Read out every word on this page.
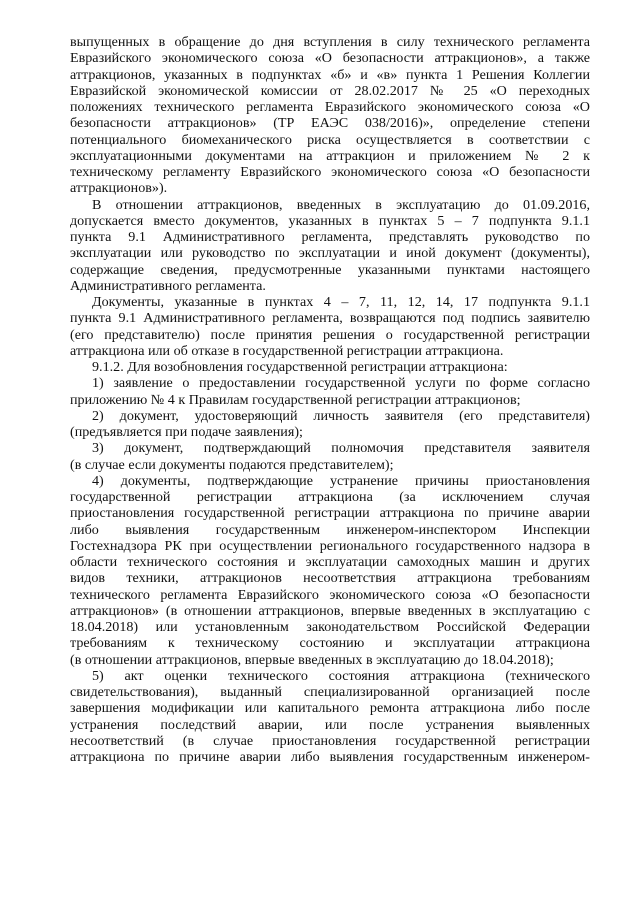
выпущенных в обращение до дня вступления в силу технического регламента
Евразийского экономического союза «О безопасности аттракционов», а также
аттракционов, указанных в подпунктах «б» и «в» пункта 1 Решения Коллегии
Евразийской экономической комиссии от 28.02.2017 № 25 «О переходных
положениях технического регламента Евразийского экономического союза «О
безопасности аттракционов» (ТР ЕАЭС 038/2016)», определение степени
потенциального биомеханического риска осуществляется в соответствии с
эксплуатационными документами на аттракцион и приложением № 2 к
техническому регламенту Евразийского экономического союза «О безопасности
аттракционов»).
В отношении аттракционов, введенных в эксплуатацию до 01.09.2016,
допускается вместо документов, указанных в пунктах 5 – 7 подпункта 9.1.1
пункта 9.1 Административного регламента, представлять руководство по
эксплуатации или руководство по эксплуатации и иной документ (документы),
содержащие сведения, предусмотренные указанными пунктами настоящего
Административного регламента.
Документы, указанные в пунктах 4 – 7, 11, 12, 14, 17 подпункта 9.1.1
пункта 9.1 Административного регламента, возвращаются под подпись заявителю
(его представителю) после принятия решения о государственной регистрации
аттракциона или об отказе в государственной регистрации аттракциона.
9.1.2. Для возобновления государственной регистрации аттракциона:
1) заявление о предоставлении государственной услуги по форме согласно
приложению № 4 к Правилам государственной регистрации аттракционов;
2) документ, удостоверяющий личность заявителя (его представителя)
(предъявляется при подаче заявления);
3) документ, подтверждающий полномочия представителя заявителя
(в случае если документы подаются представителем);
4) документы, подтверждающие устранение причины приостановления
государственной регистрации аттракциона (за исключением случая
приостановления государственной регистрации аттракциона по причине аварии
либо выявления государственным инженером-инспектором Инспекции
Гостехнадзора РК при осуществлении регионального государственного надзора в
области технического состояния и эксплуатации самоходных машин и других
видов техники, аттракционов несоответствия аттракциона требованиям
технического регламента Евразийского экономического союза «О безопасности
аттракционов» (в отношении аттракционов, впервые введенных в эксплуатацию с
18.04.2018) или установленным законодательством Российской Федерации
требованиям к техническому состоянию и эксплуатации аттракциона
(в отношении аттракционов, впервые введенных в эксплуатацию до 18.04.2018);
5) акт оценки технического состояния аттракциона (технического
свидетельствования), выданный специализированной организацией после
завершения модификации или капитального ремонта аттракциона либо после
устранения последствий аварии, или после устранения выявленных
несоответствий (в случае приостановления государственной регистрации
аттракциона по причине аварии либо выявления государственным инженером-
